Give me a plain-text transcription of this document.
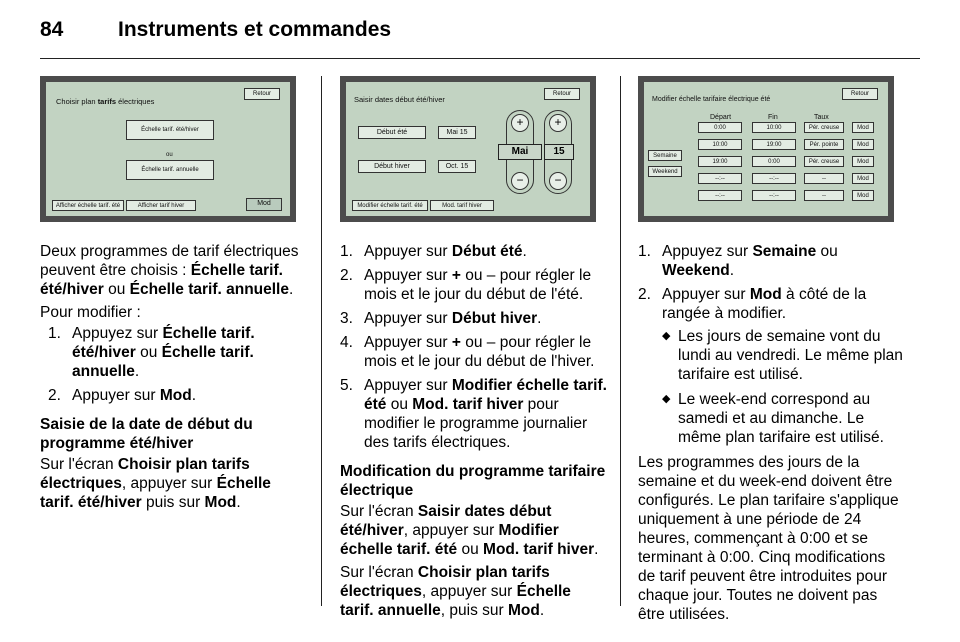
84	Instruments et commandes
Choisir plan tarifs électriques
Retour
Échelle tarif. été/hiver
ou
Échelle tarif. annuelle
Afficher échelle tarif. été	Afficher tarif hiver	Mod

Deux programmes de tarif électriques peuvent être choisis : Échelle tarif. été/hiver ou Échelle tarif. annuelle.

Pour modifier :

1. Appuyez sur Échelle tarif. été/hiver ou Échelle tarif. annuelle.
2. Appuyer sur Mod.

Saisie de la date de début du programme été/hiver

Sur l'écran Choisir plan tarifs électriques, appuyer sur Échelle tarif. été/hiver puis sur Mod.

Saisir dates début été/hiver
Retour
Début été	Mai 15
Début hiver	Oct. 15
+
Mai
−
+
15
−
Modifier échelle tarif. été	Mod. tarif hiver
1. Appuyer sur Début été.
2. Appuyer sur + ou – pour régler le mois et le jour du début de l'été.
3. Appuyer sur Début hiver.
4. Appuyer sur + ou – pour régler le mois et le jour du début de l'hiver.
5. Appuyer sur Modifier échelle tarif. été ou Mod. tarif hiver pour modifier le programme journalier des tarifs électriques.

Modification du programme tarifaire électrique

Sur l'écran Saisir dates début été/hiver, appuyer sur Modifier échelle tarif. été ou Mod. tarif hiver.

Sur l'écran Choisir plan tarifs électriques, appuyer sur Échelle tarif. annuelle, puis sur Mod.

Modifier échelle tarifaire électrique été
Retour
Départ	Fin	Taux
Semaine
Weekend
0:00	10:00	Pér. creuse	Mod
10:00	19:00	Pér. pointe	Mod
19:00	0:00	Pér. creuse	Mod
--:--	--:--	--	Mod
--:--	--:--	--	Mod
1. Appuyez sur Semaine ou Weekend.
2. Appuyer sur Mod à côté de la rangée à modifier.
◆ Les jours de semaine vont du lundi au vendredi. Le même plan tarifaire est utilisé.
◆ Le week-end correspond au samedi et au dimanche. Le même plan tarifaire est utilisé.

Les programmes des jours de la semaine et du week-end doivent être configurés. Le plan tarifaire s'applique uniquement à une période de 24 heures, commençant à 0:00 et se terminant à 0:00. Cinq modifications de tarif peuvent être introduites pour chaque jour. Toutes ne doivent pas être utilisées.
